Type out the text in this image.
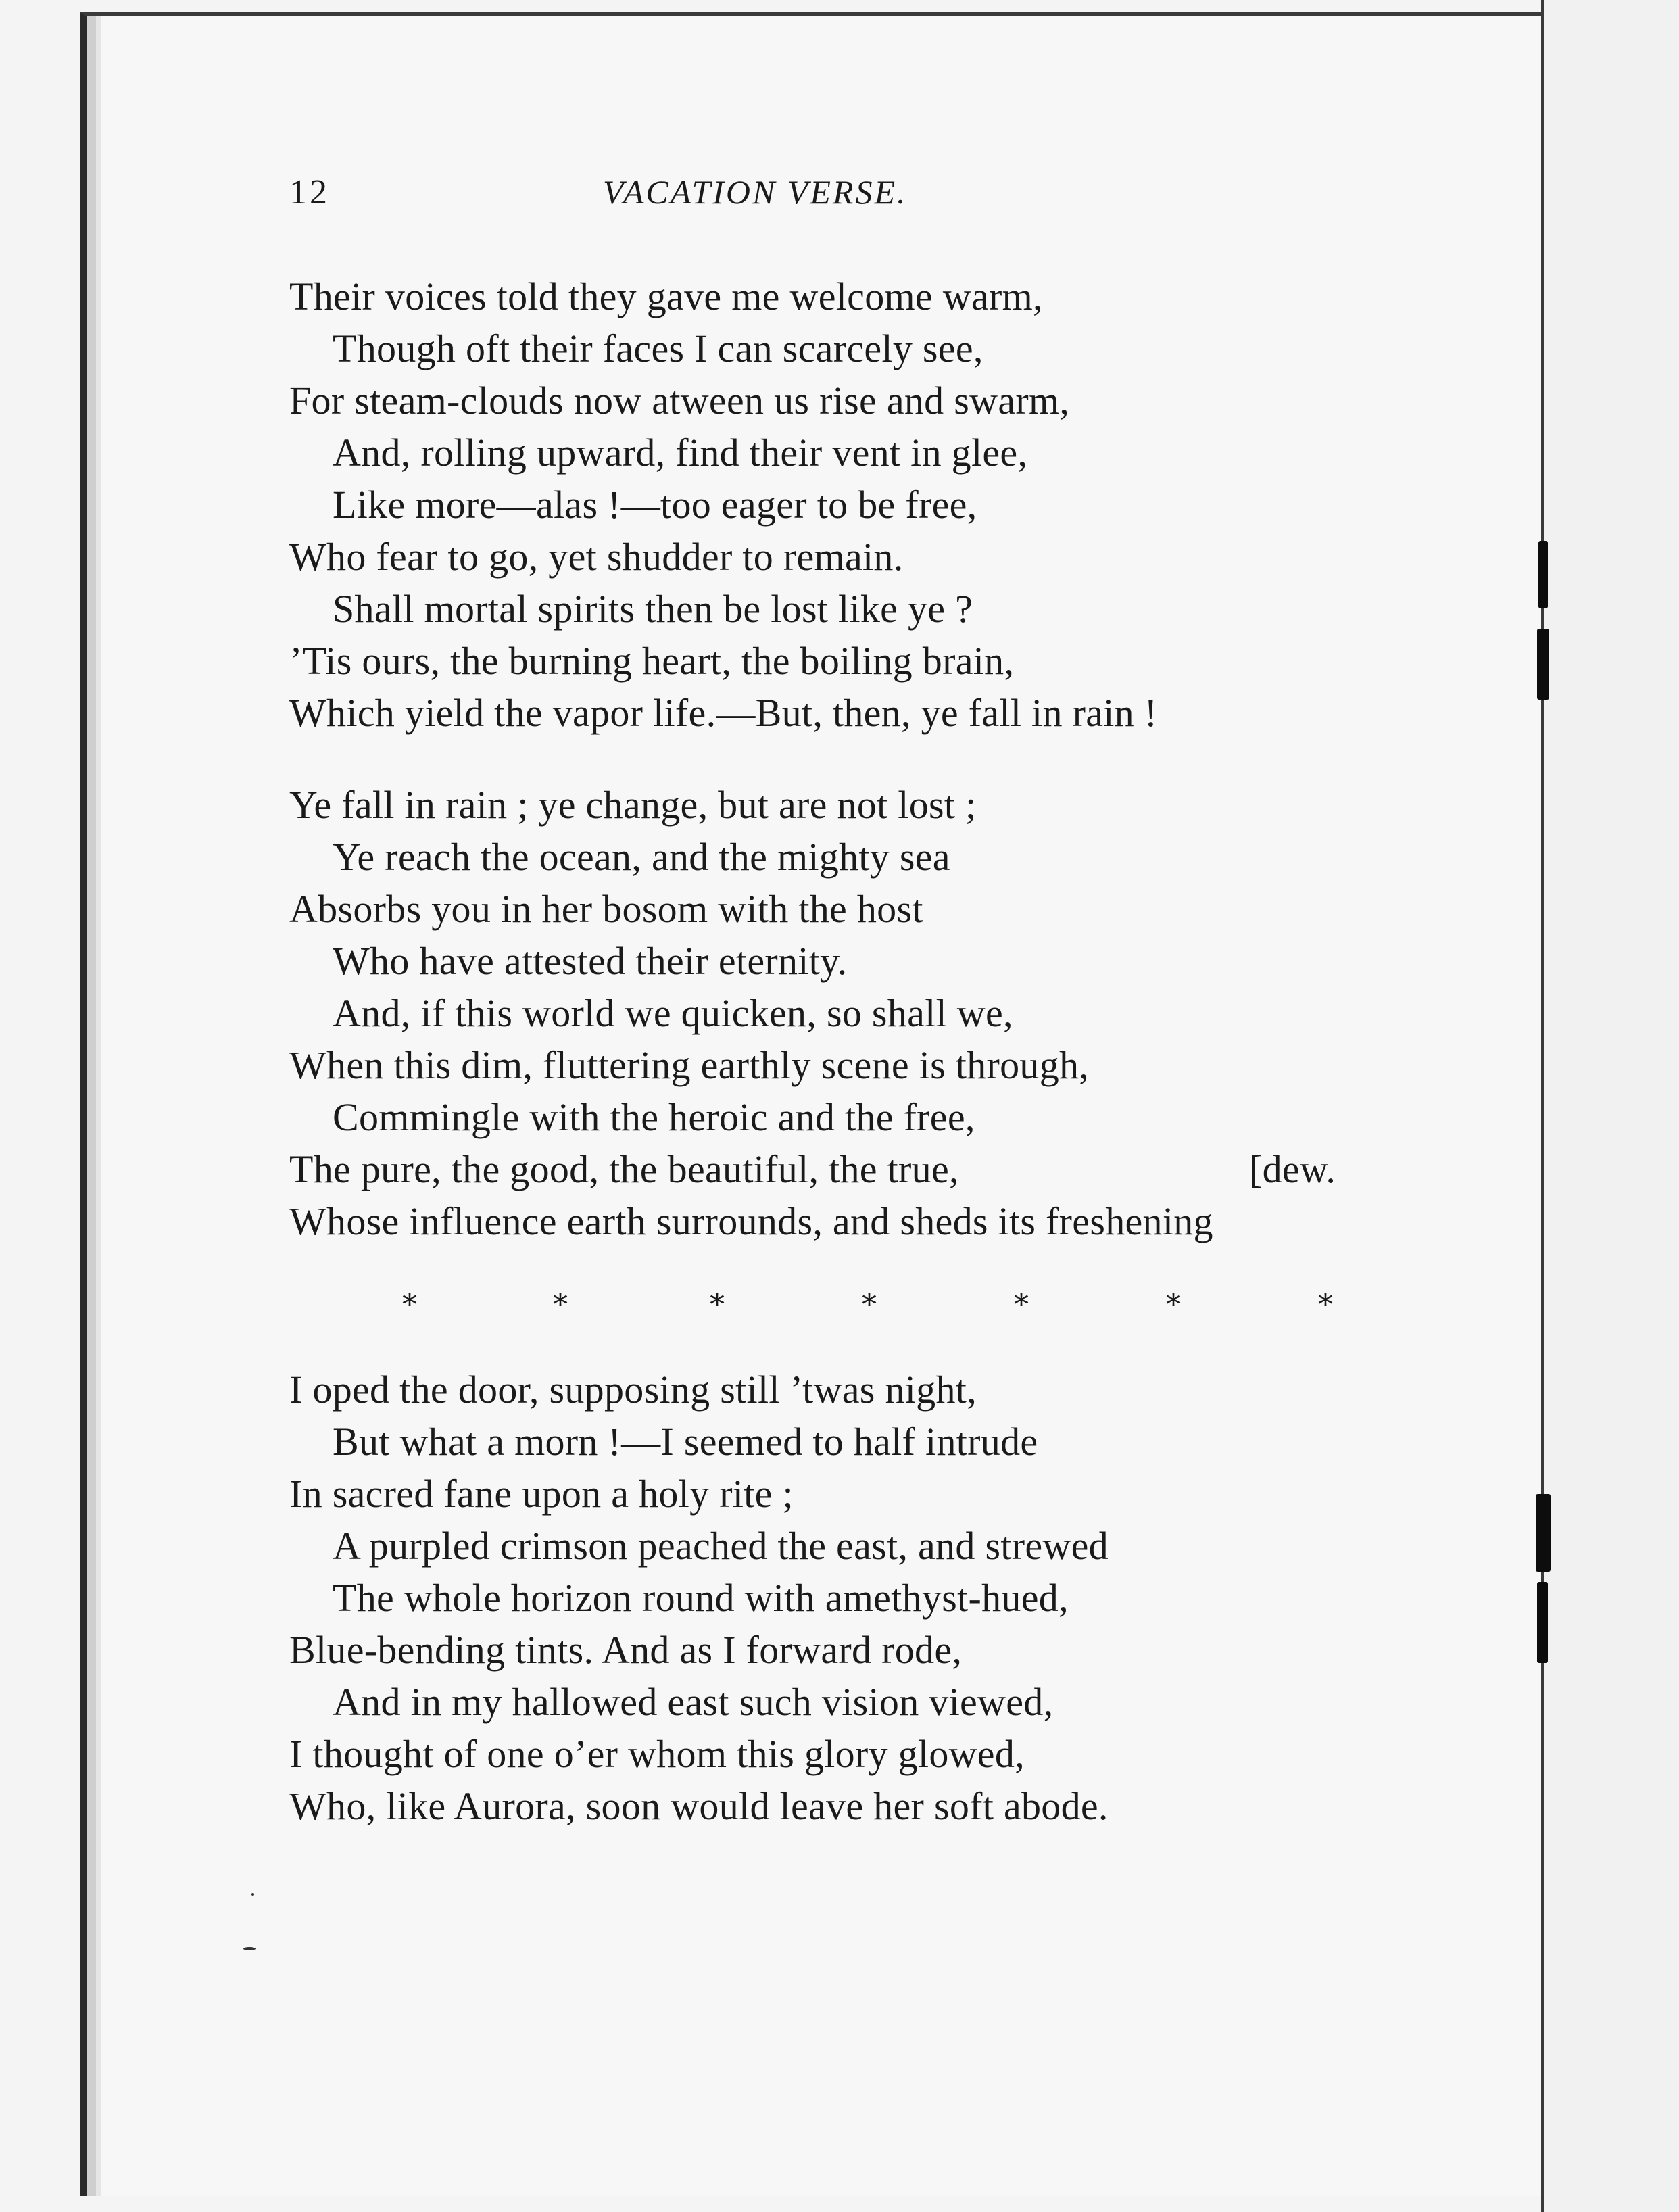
12	VACATION VERSE.
Their voices told they gave me welcome warm,
Though oft their faces I can scarcely see,
For steam-clouds now atween us rise and swarm,
And, rolling upward, find their vent in glee,
Like more—alas !—too eager to be free,
Who fear to go, yet shudder to remain.
Shall mortal spirits then be lost like ye ?
’Tis ours, the burning heart, the boiling brain,
Which yield the vapor life.—But, then, ye fall in rain !
Ye fall in rain ; ye change, but are not lost ;
Ye reach the ocean, and the mighty sea
Absorbs you in her bosom with the host
Who have attested their eternity.
And, if this world we quicken, so shall we,
When this dim, fluttering earthly scene is through,
Commingle with the heroic and the free,
The pure, the good, the beautiful, the true,	[dew.
Whose influence earth surrounds, and sheds its freshening
*	*	*	*	*	*	*
I oped the door, supposing still ’twas night,
But what a morn !—I seemed to half intrude
In sacred fane upon a holy rite ;
A purpled crimson peached the east, and strewed
The whole horizon round with amethyst-hued,
Blue-bending tints. And as I forward rode,
And in my hallowed east such vision viewed,
I thought of one o’er whom this glory glowed,
Who, like Aurora, soon would leave her soft abode.
